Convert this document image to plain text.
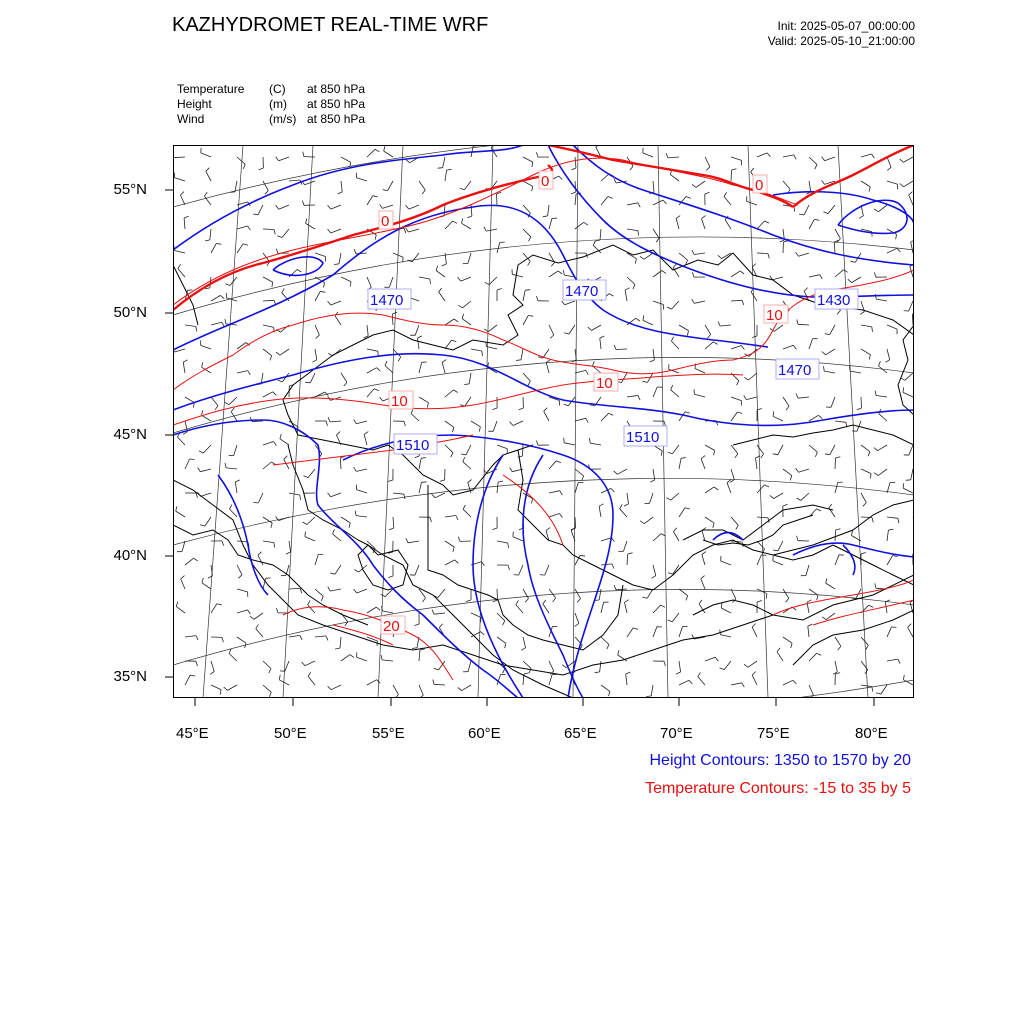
KAZHYDROMET REAL-TIME WRF	Init: 2025-05-07_00:00:00
Valid: 2025-05-10_21:00:00
Temperature (C) at 850 hPa
Height	(m) at 850 hPa
Wind	(m/s) at 850 hPa
55°N
50°N
45°N
40°N
35°N
45°E	50°E	55°E	60°E	65°E	70°E	75°E	80°E
1470
1470
1430
1470
1510	1510
0
0	0
10
10
10
20
Height Contours: 1350 to 1570 by 20
Temperature Contours: -15 to 35 by 5
